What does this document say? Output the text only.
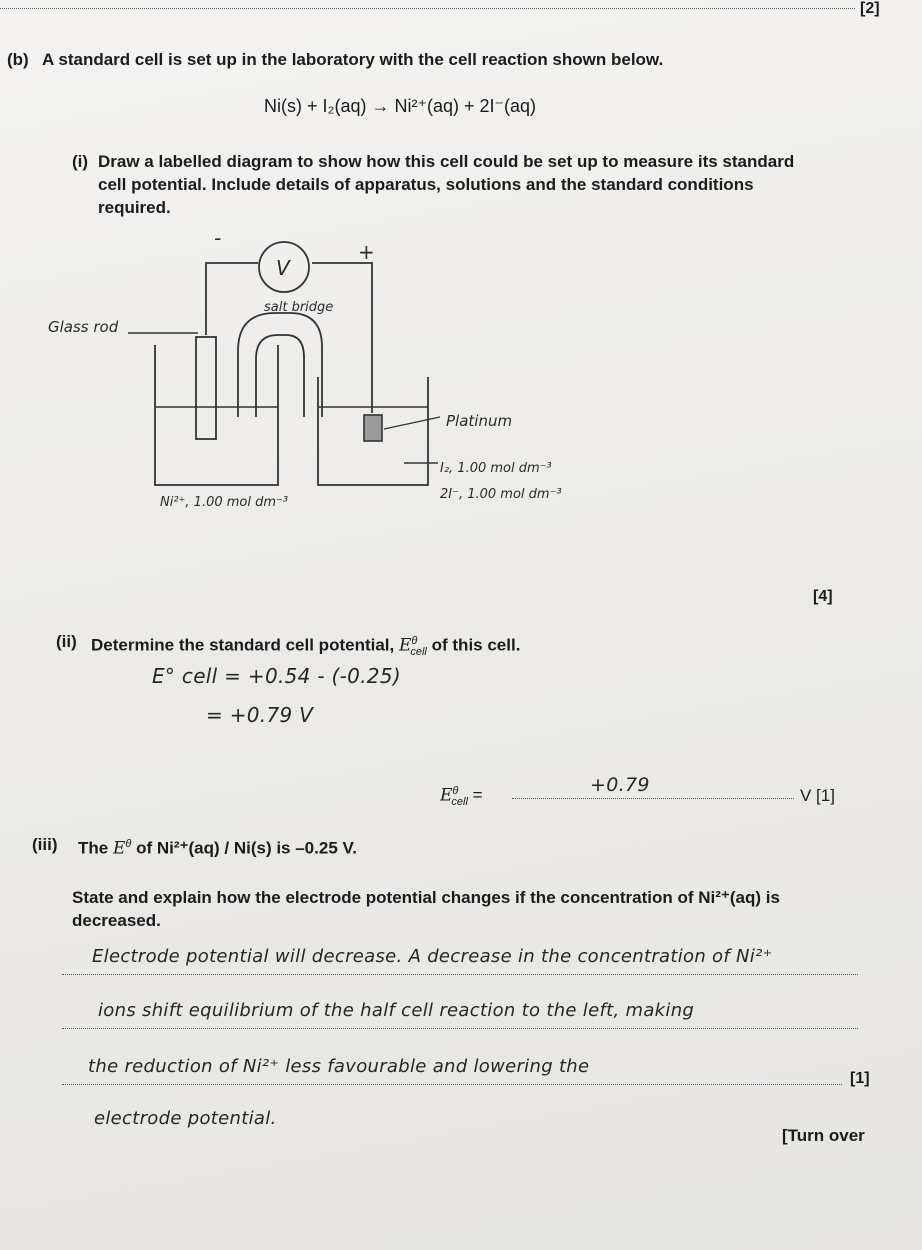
[2]
(b) A standard cell is set up in the laboratory with the cell reaction shown below.
Ni(s) + I₂(aq) → Ni²⁺(aq) + 2I⁻(aq)
(i) Draw a labelled diagram to show how this cell could be set up to measure its standard
cell potential. Include details of apparatus, solutions and the standard conditions
required.
V
-
+
Glass rod
Ni²⁺, 1.00 mol dm⁻³
salt bridge
Platinum
I₂, 1.00 mol dm⁻³
2I⁻, 1.00 mol dm⁻³
[4]
(ii) Determine the standard cell potential, $E^\theta_{cell}$ of this cell.
E° cell = +0.54 - (-0.25)
= +0.79 V
$E^\theta_{cell}$ =	+0.79	V [1]
(iii) The $E^\theta$ of Ni²⁺(aq) / Ni(s) is –0.25 V.
State and explain how the electrode potential changes if the concentration of Ni²⁺(aq) is
decreased.
[1]
Electrode potential will decrease. A decrease in the concentration of Ni²⁺
ions shift equilibrium of the half cell reaction to the left, making
the reduction of Ni²⁺ less favourable and lowering the
electrode potential.
[Turn over
